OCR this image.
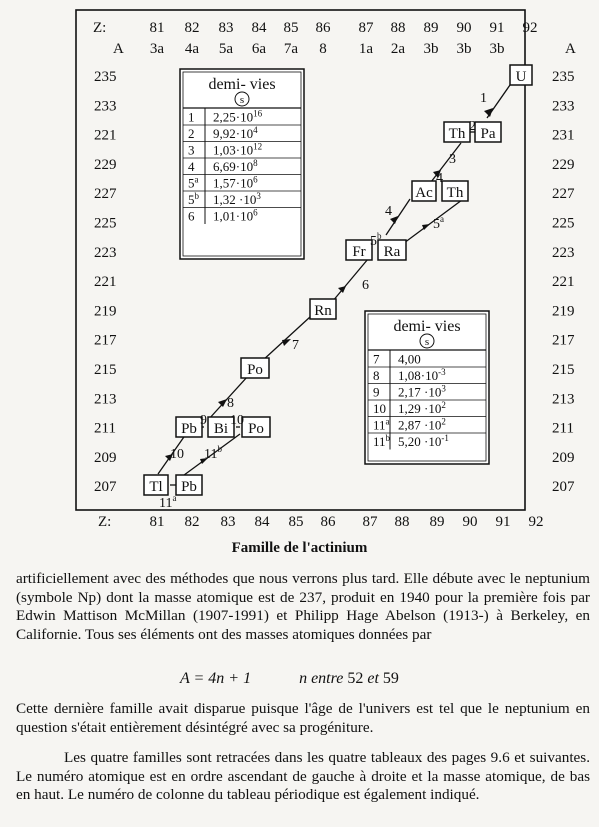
Z:
A	A
81 82 83 84 85 86 87 88 89 90 91 92
3a 4a 5a 6a 7a 8 1a 2a 3b 3b 3b
Z:	81 82 83 84 85 86 87 88 89 90 91 92
235
233
221
229
227
225
223
221
219
217
215
213
211
209
207
235
233
231
229
227
225
223
221
219
217
215
213
211
209
207
U
Th Pa
Ac Th
Fr Ra
Rn
Po
Pb Bi Po
Tl Pb
1
2
3
4
4
5$^a$
5$^b$
6
7
8
9 10
10 11$^b$
11$^a$
demi- vies
s
1 $2,25\cdot 10^{16}$
2 $9,92\cdot 10^4$
3 $1,03\cdot 10^{12}$
4 $6,69\cdot 10^8$
5$^a$ $1,57\cdot 10^6$
5$^b$ $1,32 \cdot 10^3$
6 $1,01\cdot 10^6$
demi- vies
s
7 4,00
8 $1,08\cdot 10^{-3}$
9 $2,17 \cdot 10^3$
10 $1,29 \cdot 10^2$
11$^a$ $2,87 \cdot 10^2$
11$^b$ $5,20 \cdot 10^{-1}$
Famille de l'actinium
artificiellement avec des méthodes que nous verrons plus tard. Elle débute avec le neptunium (symbole Np) dont la masse atomique est de 237, produit en 1940 pour la première fois par Edwin Mattison McMillan (1907-1991) et Philipp Hage Abelson (1913-) à Berkeley, en Californie. Tous ses éléments ont des masses atomiques données par
A = 4n + 1	n entre 52 et 59
Cette dernière famille avait disparue puisque l'âge de l'univers est tel que le neptunium en question s'était entièrement désintégré avec sa progéniture.
Les quatre familles sont retracées dans les quatre tableaux des pages 9.6 et suivantes. Le numéro atomique est en ordre ascendant de gauche à droite et la masse atomique, de bas en haut. Le numéro de colonne du tableau périodique est également indiqué.
